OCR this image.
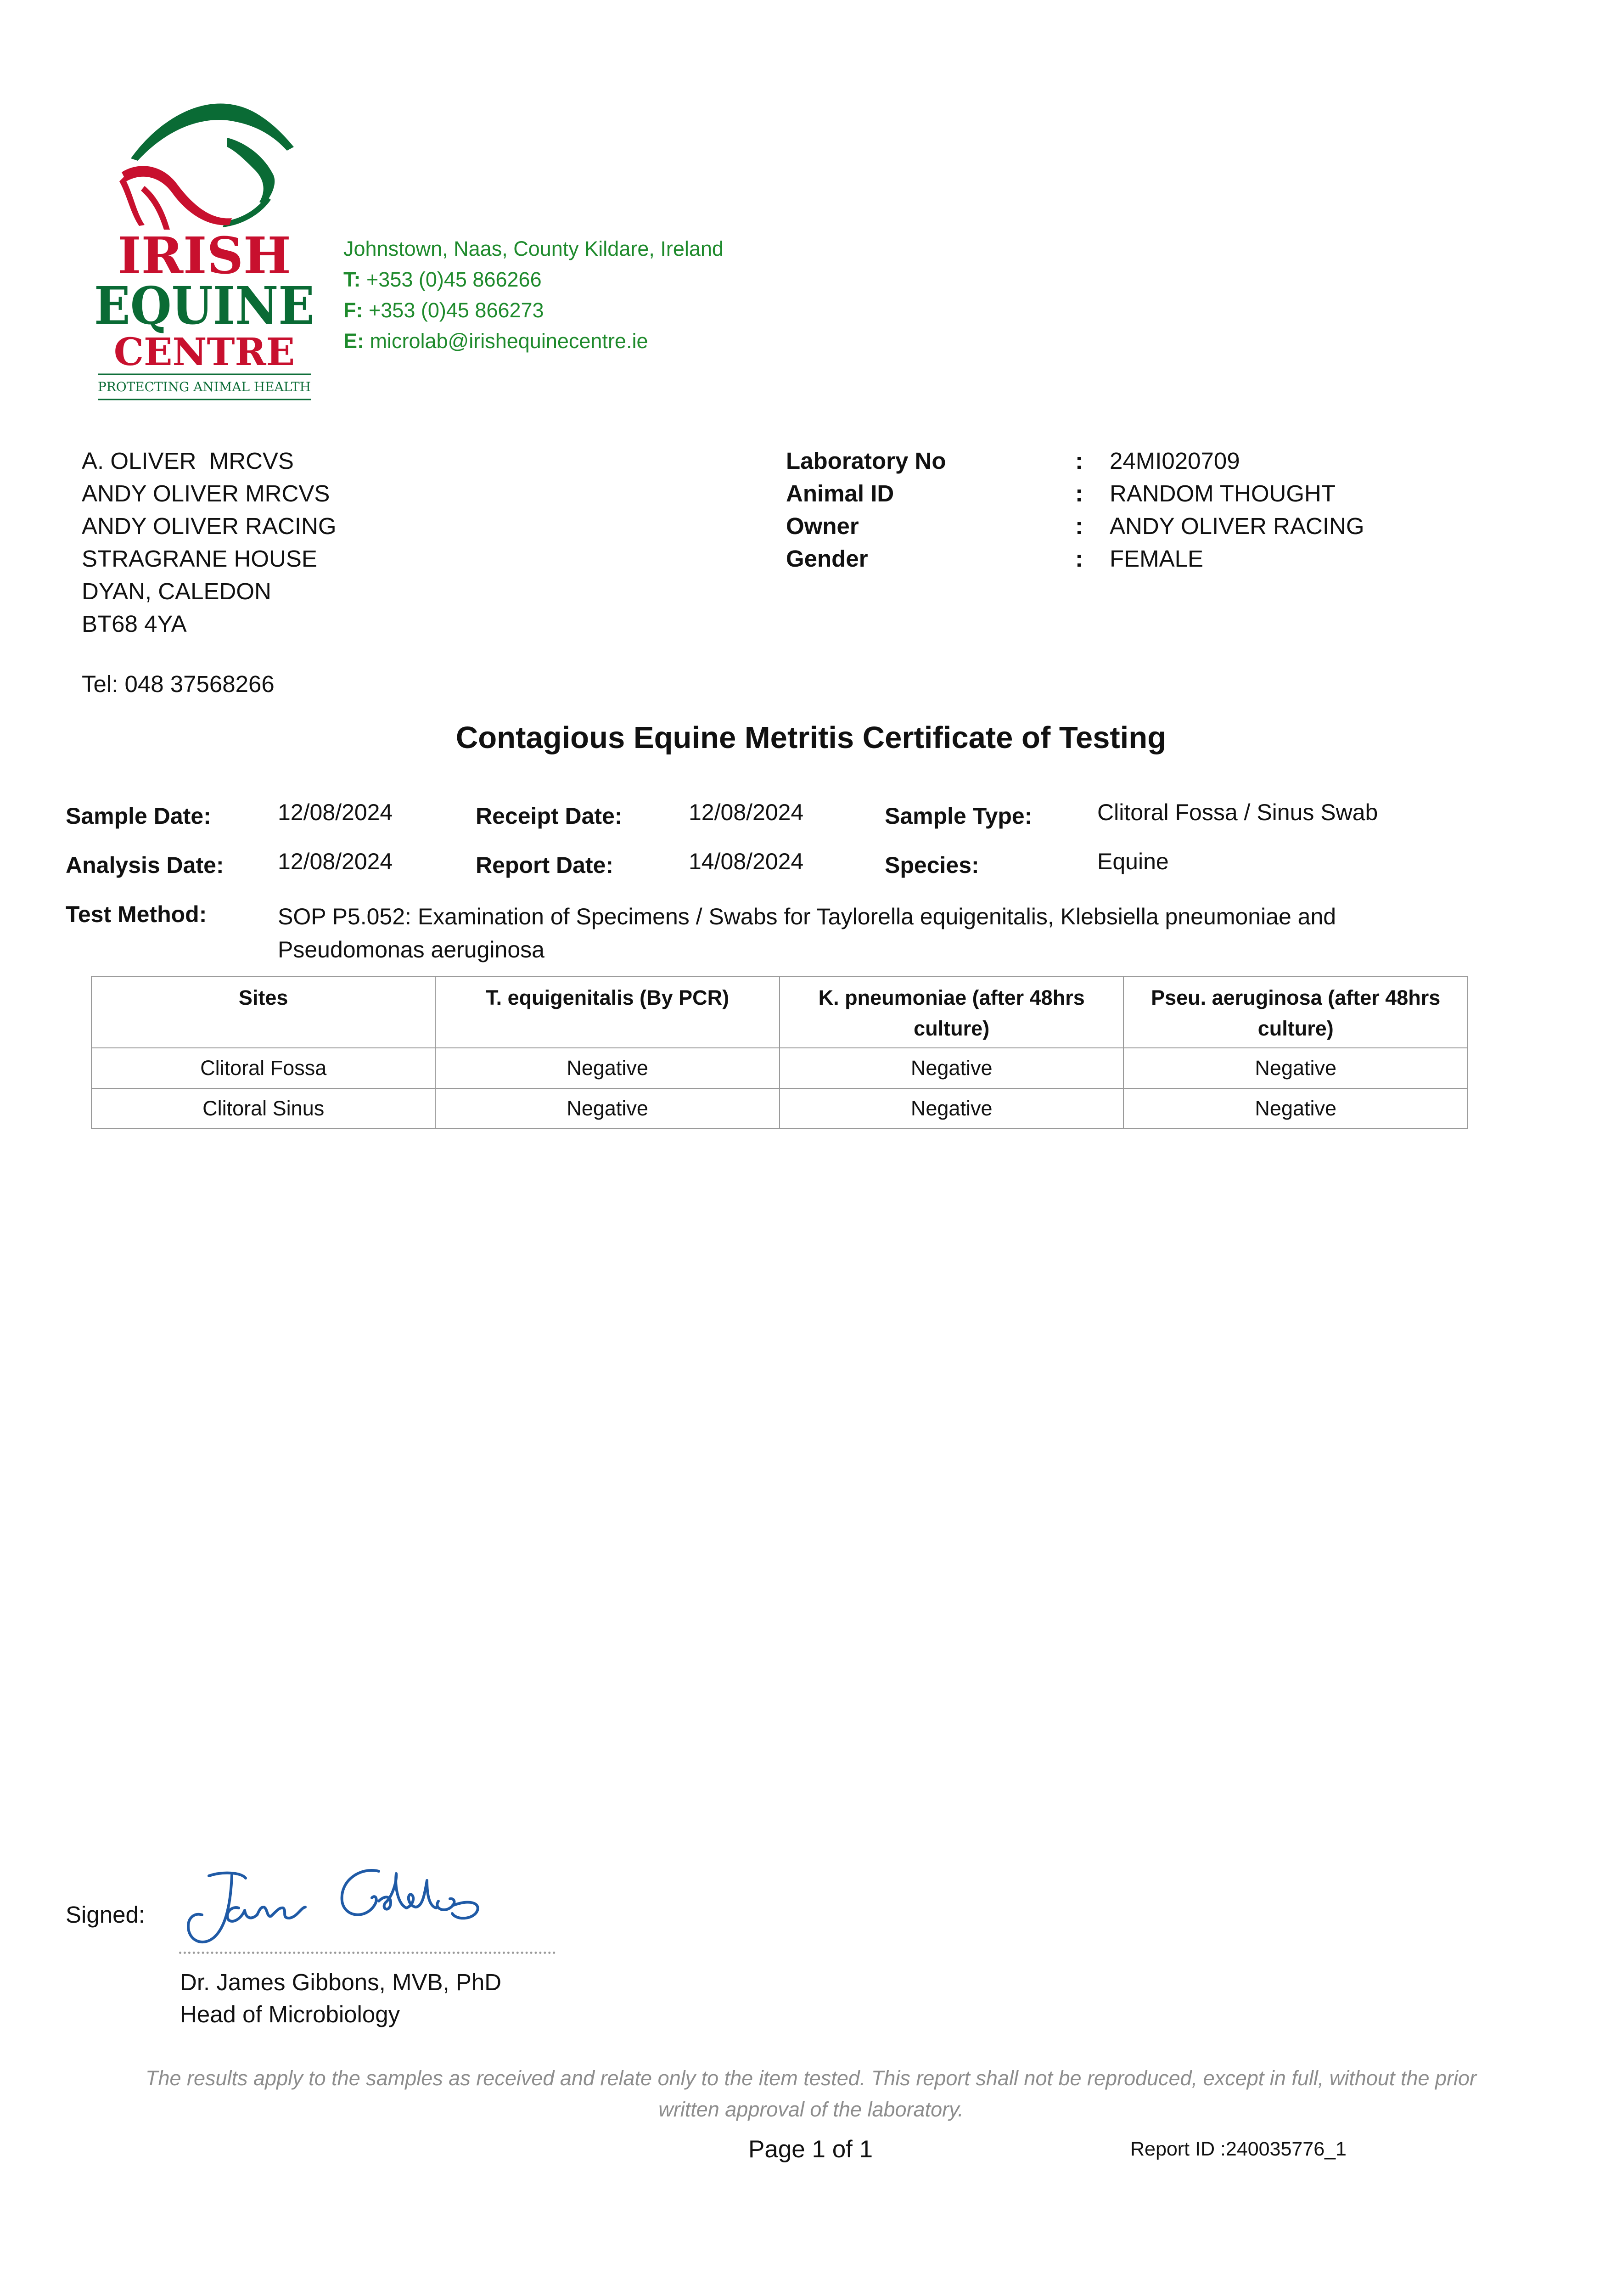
IRISH
EQUINE
CENTRE
PROTECTING ANIMAL HEALTH
Johnstown, Naas, County Kildare, Ireland
T: +353 (0)45 866266
F: +353 (0)45 866273
E: microlab@irishequinecentre.ie
A. OLIVER  MRCVS
ANDY OLIVER MRCVS
ANDY OLIVER RACING
STRAGRANE HOUSE
DYAN, CALEDON
BT68 4YA
Tel: 048 37568266
Laboratory No	:	24MI020709
Animal ID	:	RANDOM THOUGHT
Owner	:	ANDY OLIVER RACING
Gender	:	FEMALE
Contagious Equine Metritis Certificate of Testing
Sample Date:	12/08/2024	Receipt Date:	12/08/2024	Sample Type:	Clitoral Fossa / Sinus Swab
Analysis Date: 12/08/2024	Report Date:	14/08/2024	Species:	Equine
Test Method:	SOP P5.052: Examination of Specimens / Swabs for Taylorella equigenitalis, Klebsiella pneumoniae and Pseudomonas aeruginosa
Sites	T. equigenitalis (By PCR)	K. pneumoniae (after 48hrs culture)	Pseu. aeruginosa (after 48hrs culture)
Clitoral Fossa	Negative	Negative	Negative
Clitoral Sinus	Negative	Negative	Negative
Signed:
Dr. James Gibbons, MVB, PhD
Head of Microbiology
The results apply to the samples as received and relate only to the item tested. This report shall not be reproduced, except in full, without the prior written approval of the laboratory.
Page 1 of 1	Report ID :240035776_1
